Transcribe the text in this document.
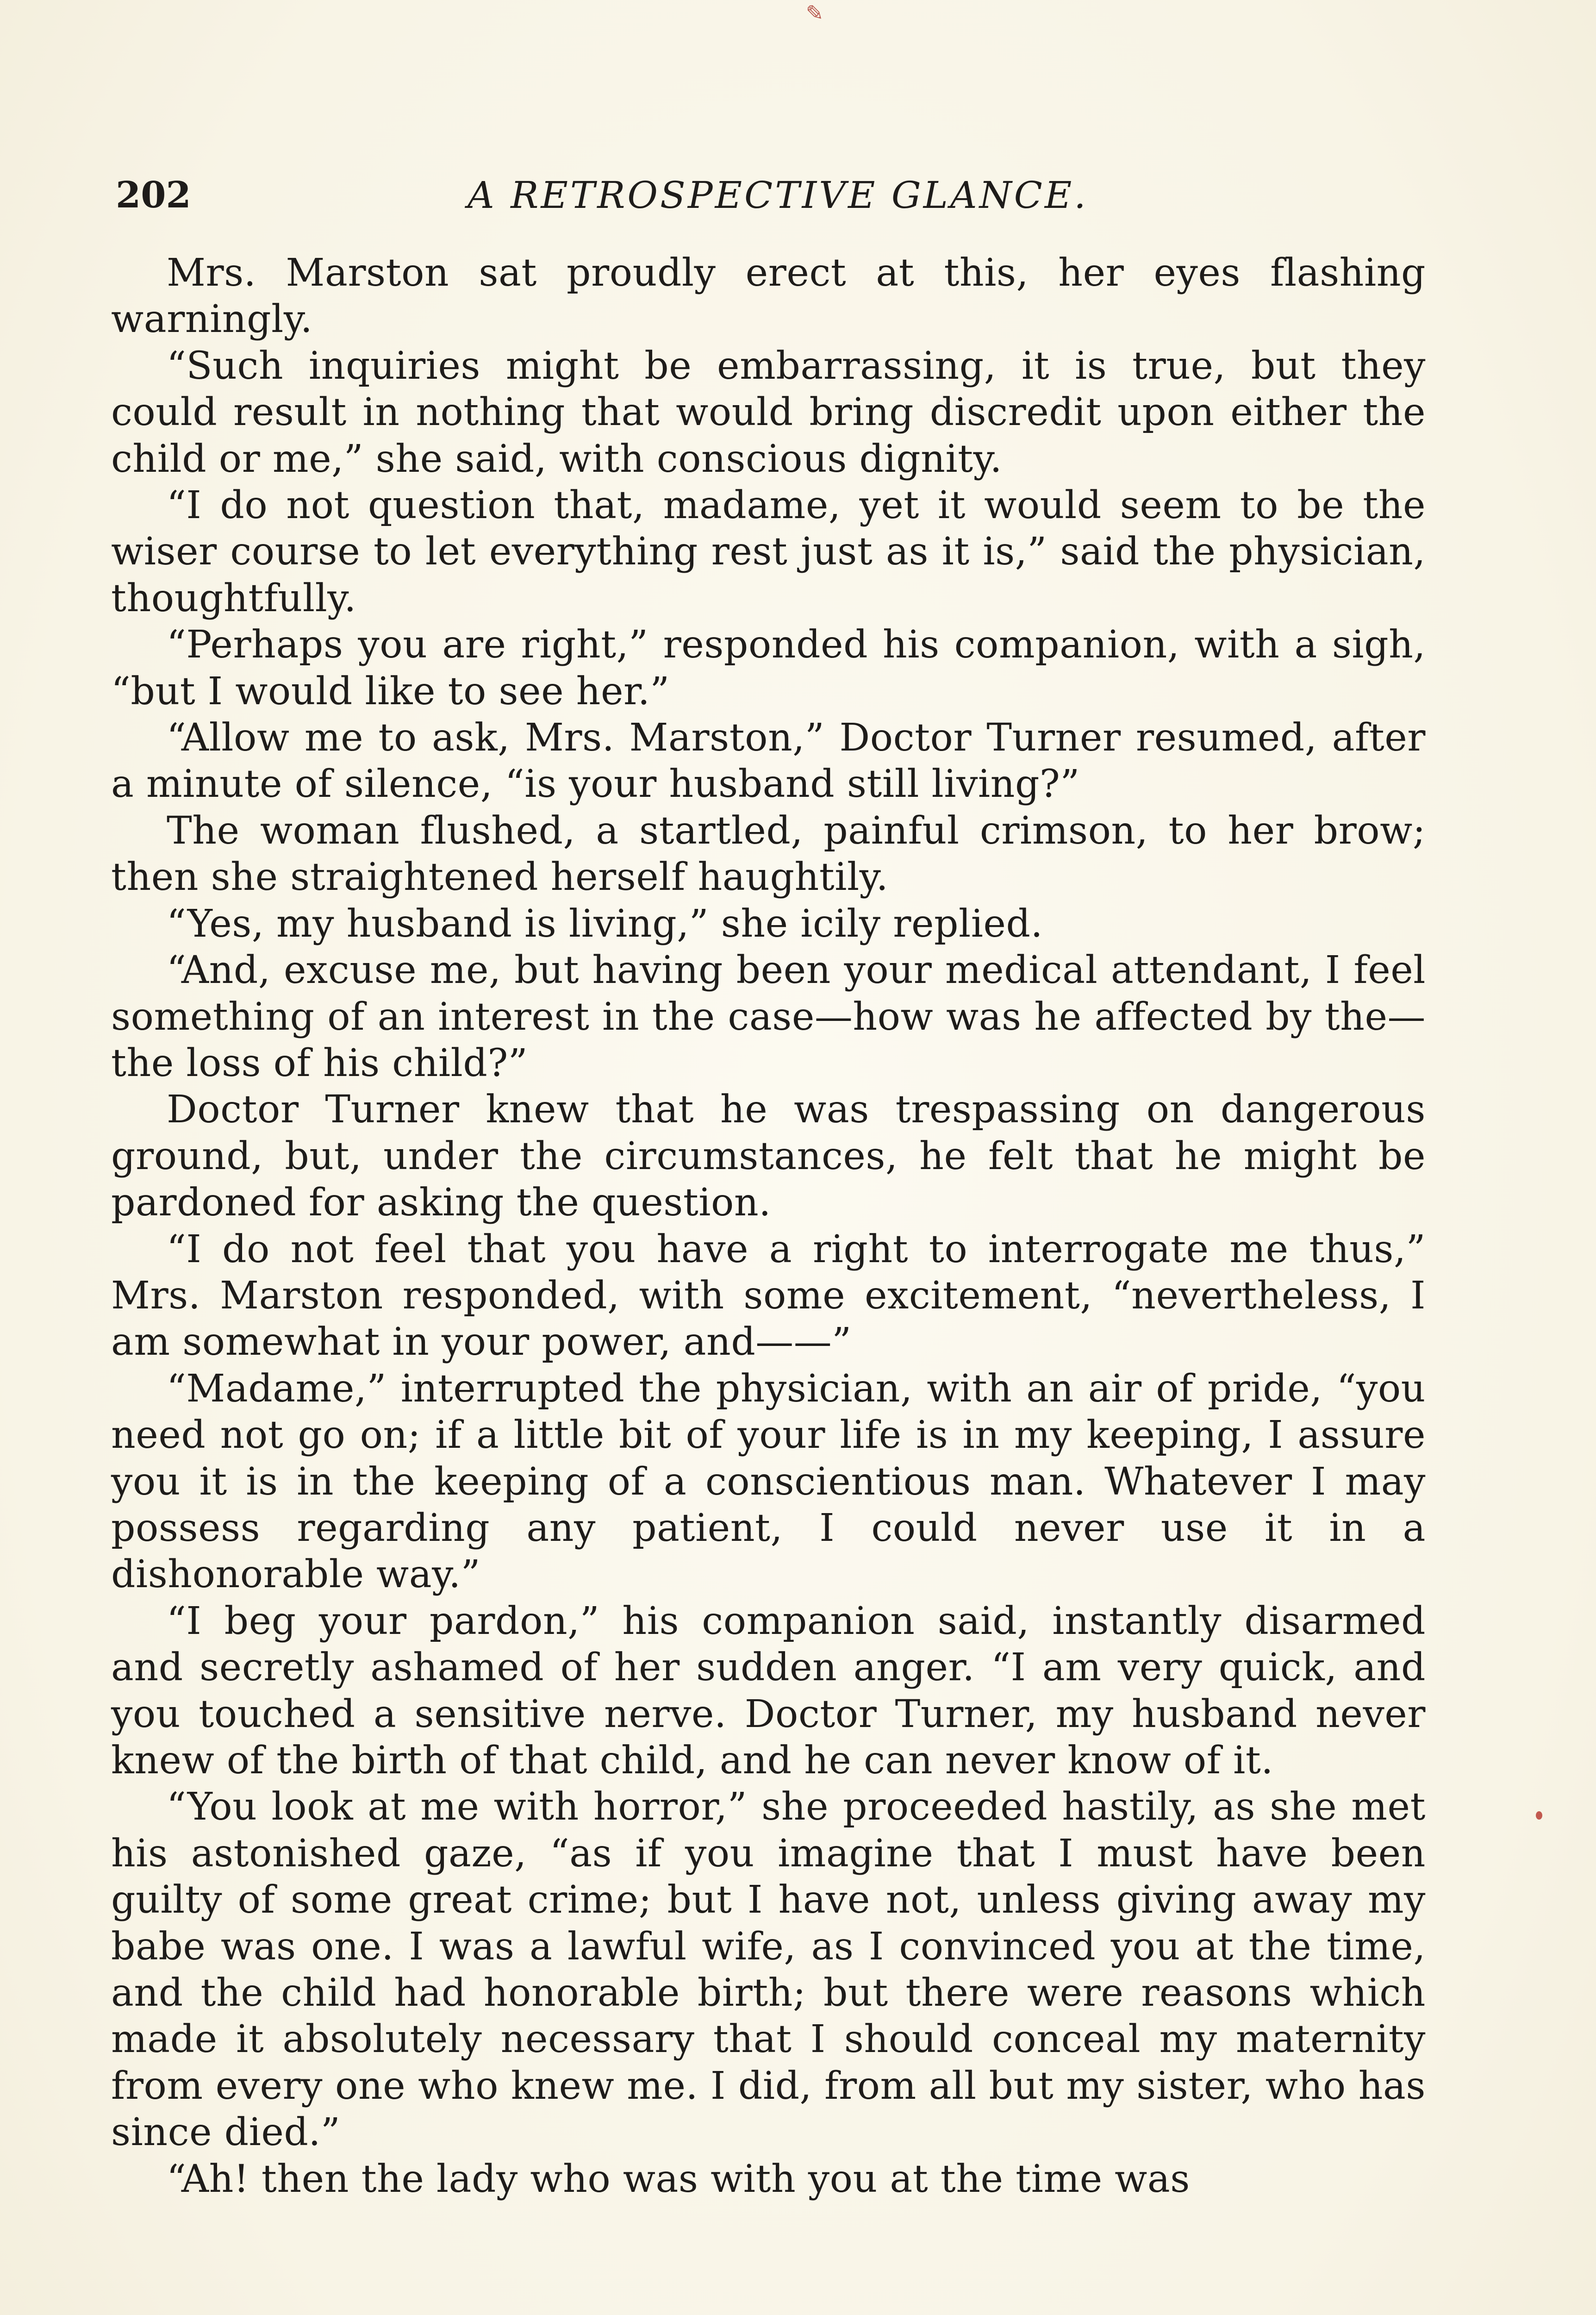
✎
202	A RETROSPECTIVE GLANCE.

Mrs. Marston sat proudly erect at this, her eyes flashing warningly.

“Such inquiries might be embarrassing, it is true, but they could result in nothing that would bring discredit upon either the child or me,” she said, with conscious dignity.

“I do not question that, madame, yet it would seem to be the wiser course to let everything rest just as it is,” said the physician, thoughtfully.

“Perhaps you are right,” responded his companion, with a sigh, “but I would like to see her.”

“Allow me to ask, Mrs. Marston,” Doctor Turner resumed, after a minute of silence, “is your husband still living?”

The woman flushed, a startled, painful crimson, to her brow; then she straightened herself haughtily.

“Yes, my husband is living,” she icily replied.

“And, excuse me, but having been your medical attendant, I feel something of an interest in the case—how was he affected by the—the loss of his child?”

Doctor Turner knew that he was trespassing on dangerous ground, but, under the circumstances, he felt that he might be pardoned for asking the question.

“I do not feel that you have a right to interrogate me thus,” Mrs. Marston responded, with some excitement, “nevertheless, I am somewhat in your power, and——”

“Madame,” interrupted the physician, with an air of pride, “you need not go on; if a little bit of your life is in my keeping, I assure you it is in the keeping of a conscientious man. Whatever I may possess regarding any patient, I could never use it in a dishonorable way.”

“I beg your pardon,” his companion said, instantly disarmed and secretly ashamed of her sudden anger. “I am very quick, and you touched a sensitive nerve. Doctor Turner, my husband never knew of the birth of that child, and he can never know of it.

“You look at me with horror,” she proceeded hastily, as she met his astonished gaze, “as if you imagine that I must have been guilty of some great crime; but I have not, unless giving away my babe was one. I was a lawful wife, as I convinced you at the time, and the child had honorable birth; but there were reasons which made it absolutely necessary that I should conceal my maternity from every one who knew me. I did, from all but my sister, who has since died.”

“Ah! then the lady who was with you at the time was
